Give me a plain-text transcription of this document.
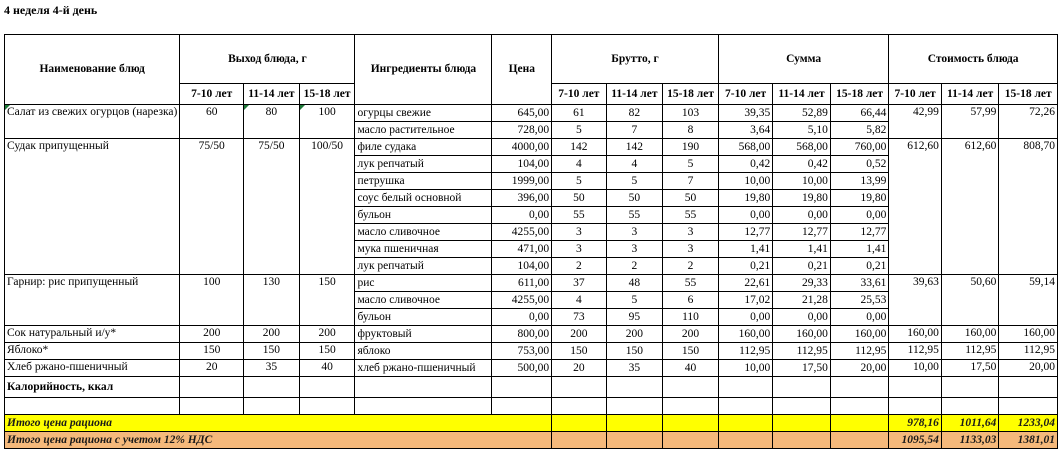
4 неделя 4-й день
Наименование блюд	Выход блюда, г			Ингредиенты блюда	Цена	Брутто, г			Сумма			Стоимость блюда		
	7-10 лет	11-14 лет	15-18 лет			7-10 лет	11-14 лет	15-18 лет	7-10 лет	11-14 лет	15-18 лет	7-10 лет	11-14 лет	15-18 лет
Салат из свежих огурцов (нарезка)	60	80	100	огурцы свежие	645,00	61	82	103	39,35	52,89	66,44	42,99	57,99	72,26
				масло растительное	728,00	5	7	8	3,64	5,10	5,82			
Судак припущенный	75/50	75/50	100/50	филе судака	4000,00	142	142	190	568,00	568,00	760,00	612,60	612,60	808,70
				лук репчатый	104,00	4	4	5	0,42	0,42	0,52			
				петрушка	1999,00	5	5	7	10,00	10,00	13,99			
				соус белый основной	396,00	50	50	50	19,80	19,80	19,80			
				бульон	0,00	55	55	55	0,00	0,00	0,00			
				масло сливочное	4255,00	3	3	3	12,77	12,77	12,77			
				мука пшеничная	471,00	3	3	3	1,41	1,41	1,41			
				лук репчатый	104,00	2	2	2	0,21	0,21	0,21			
Гарнир: рис припущенный	100	130	150	рис	611,00	37	48	55	22,61	29,33	33,61	39,63	50,60	59,14
				масло сливочное	4255,00	4	5	6	17,02	21,28	25,53			
				бульон	0,00	73	95	110	0,00	0,00	0,00			
Сок натуральный и/у*	200	200	200	фруктовый	800,00	200	200	200	160,00	160,00	160,00	160,00	160,00	160,00
Яблоко*	150	150	150	яблоко	753,00	150	150	150	112,95	112,95	112,95	112,95	112,95	112,95
Хлеб ржано-пшеничный	20	35	40	хлеб ржано-пшеничный	500,00	20	35	40	10,00	17,50	20,00	10,00	17,50	20,00
Калорийность, ккал														

Итого цена рациона												978,16	1011,64	1233,04
Итого цена рациона с учетом 12% НДС												1095,54	1133,03	1381,01
